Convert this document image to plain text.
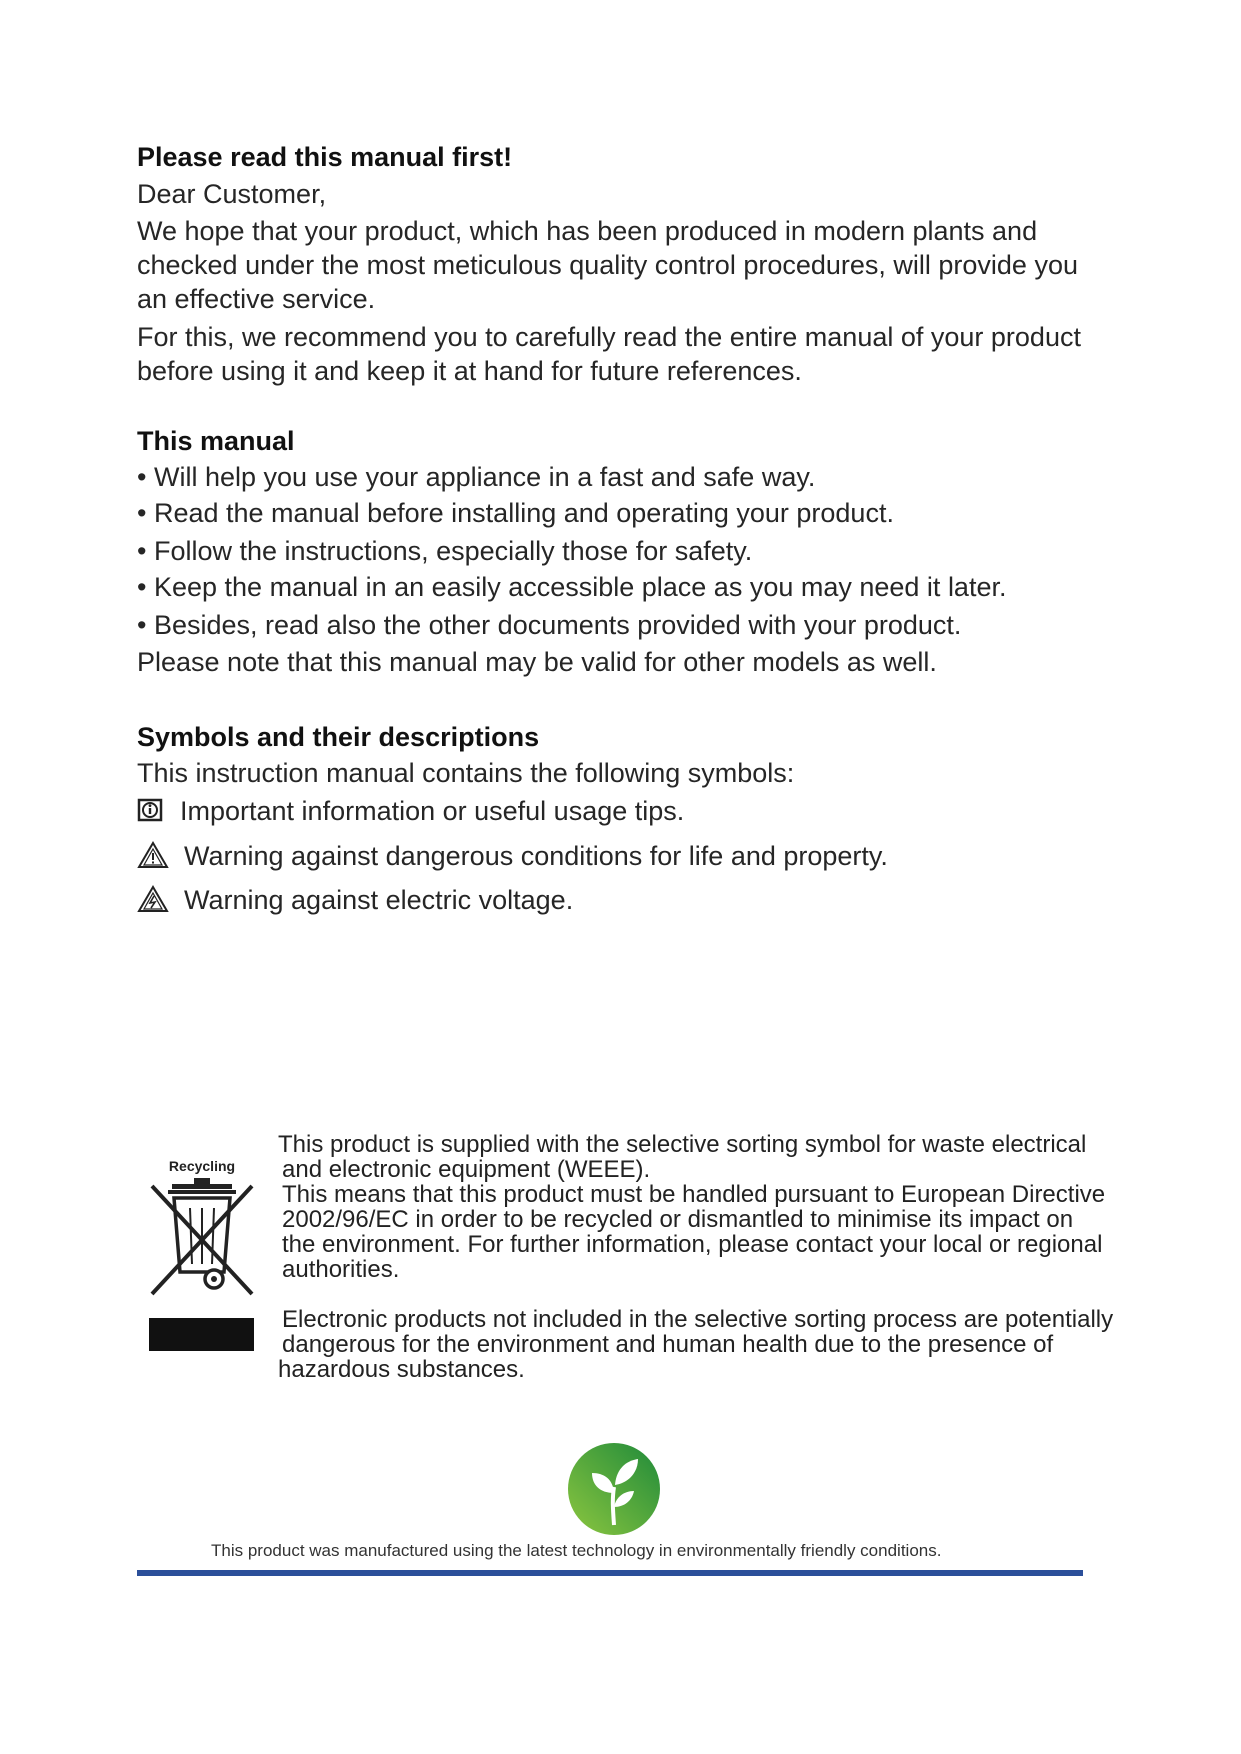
Please read this manual first!
Dear Customer,
We hope that your product, which has been produced in modern plants and
checked under the most meticulous quality control procedures, will provide you
an effective service.
For this, we recommend you to carefully read the entire manual of your product
before using it and keep it at hand for future references.
This manual
• Will help you use your appliance in a fast and safe way.
• Read the manual before installing and operating your product.
• Follow the instructions, especially those for safety.
• Keep the manual in an easily accessible place as you may need it later.
• Besides, read also the other documents provided with your product.
Please note that this manual may be valid for other models as well.
Symbols and their descriptions
This instruction manual contains the following symbols:
Important information or useful usage tips.
Warning against dangerous conditions for life and property.
Warning against electric voltage.
Recycling
This product is supplied with the selective sorting symbol for waste electrical
and electronic equipment (WEEE).
This means that this product must be handled pursuant to European Directive
2002/96/EC in order to be recycled or dismantled to minimise its impact on
the environment. For further information, please contact your local or regional
authorities.
Electronic products not included in the selective sorting process are potentially
dangerous for the environment and human health due to the presence of
hazardous substances.
This product was manufactured using the latest technology in environmentally friendly conditions.
